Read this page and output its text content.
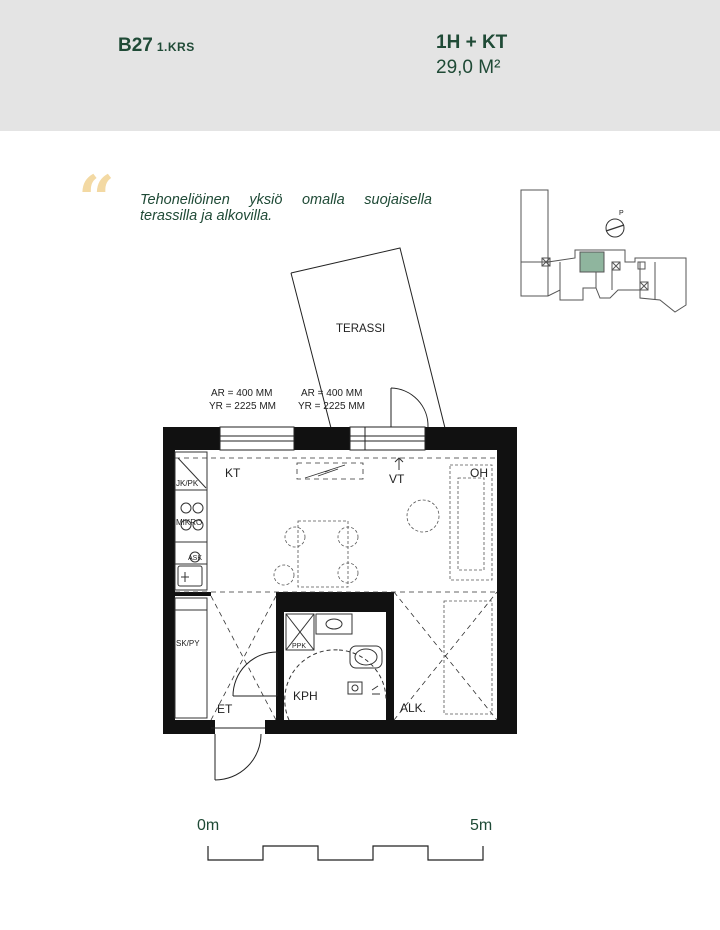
B27 1.KRS	1H + KT
29,0 M²
“ Tehoneliöinen yksiö omalla suojaisella terassilla ja alkovilla.	P
TERASSI
AR = 400 MM
YR = 2225 MM
AR = 400 MM
YR = 2225 MM
JK/PK
MIKRO
ASK
SK/PY	PPK
KT	VT	OH
ET
KPH
ALK.
0m	5m
